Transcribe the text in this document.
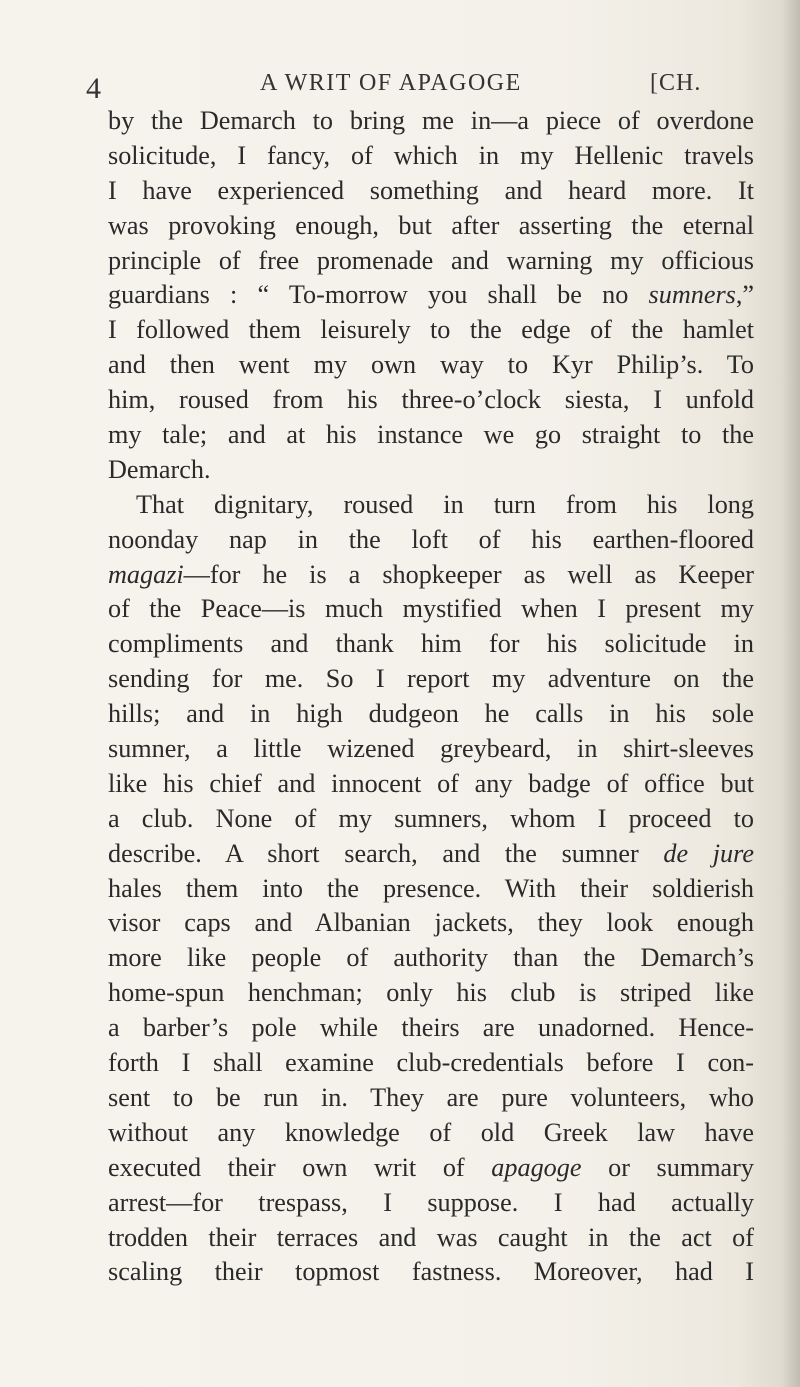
4	A WRIT OF APAGOGE	[CH.
by the Demarch to bring me in—a piece of overdone
solicitude, I fancy, of which in my Hellenic travels
I have experienced something and heard more. It
was provoking enough, but after asserting the eternal
principle of free promenade and warning my officious
guardians : “ To-morrow you shall be no sumners,”
I followed them leisurely to the edge of the hamlet
and then went my own way to Kyr Philip’s. To
him, roused from his three-o’clock siesta, I unfold
my tale; and at his instance we go straight to the
Demarch.
That dignitary, roused in turn from his long
noonday nap in the loft of his earthen-floored
magazi—for he is a shopkeeper as well as Keeper
of the Peace—is much mystified when I present my
compliments and thank him for his solicitude in
sending for me. So I report my adventure on the
hills; and in high dudgeon he calls in his sole
sumner, a little wizened greybeard, in shirt-sleeves
like his chief and innocent of any badge of office but
a club. None of my sumners, whom I proceed to
describe. A short search, and the sumner de jure
hales them into the presence. With their soldierish
visor caps and Albanian jackets, they look enough
more like people of authority than the Demarch’s
home-spun henchman; only his club is striped like
a barber’s pole while theirs are unadorned. Hence-
forth I shall examine club-credentials before I con-
sent to be run in. They are pure volunteers, who
without any knowledge of old Greek law have
executed their own writ of apagoge or summary
arrest—for trespass, I suppose. I had actually
trodden their terraces and was caught in the act of
scaling their topmost fastness. Moreover, had I
